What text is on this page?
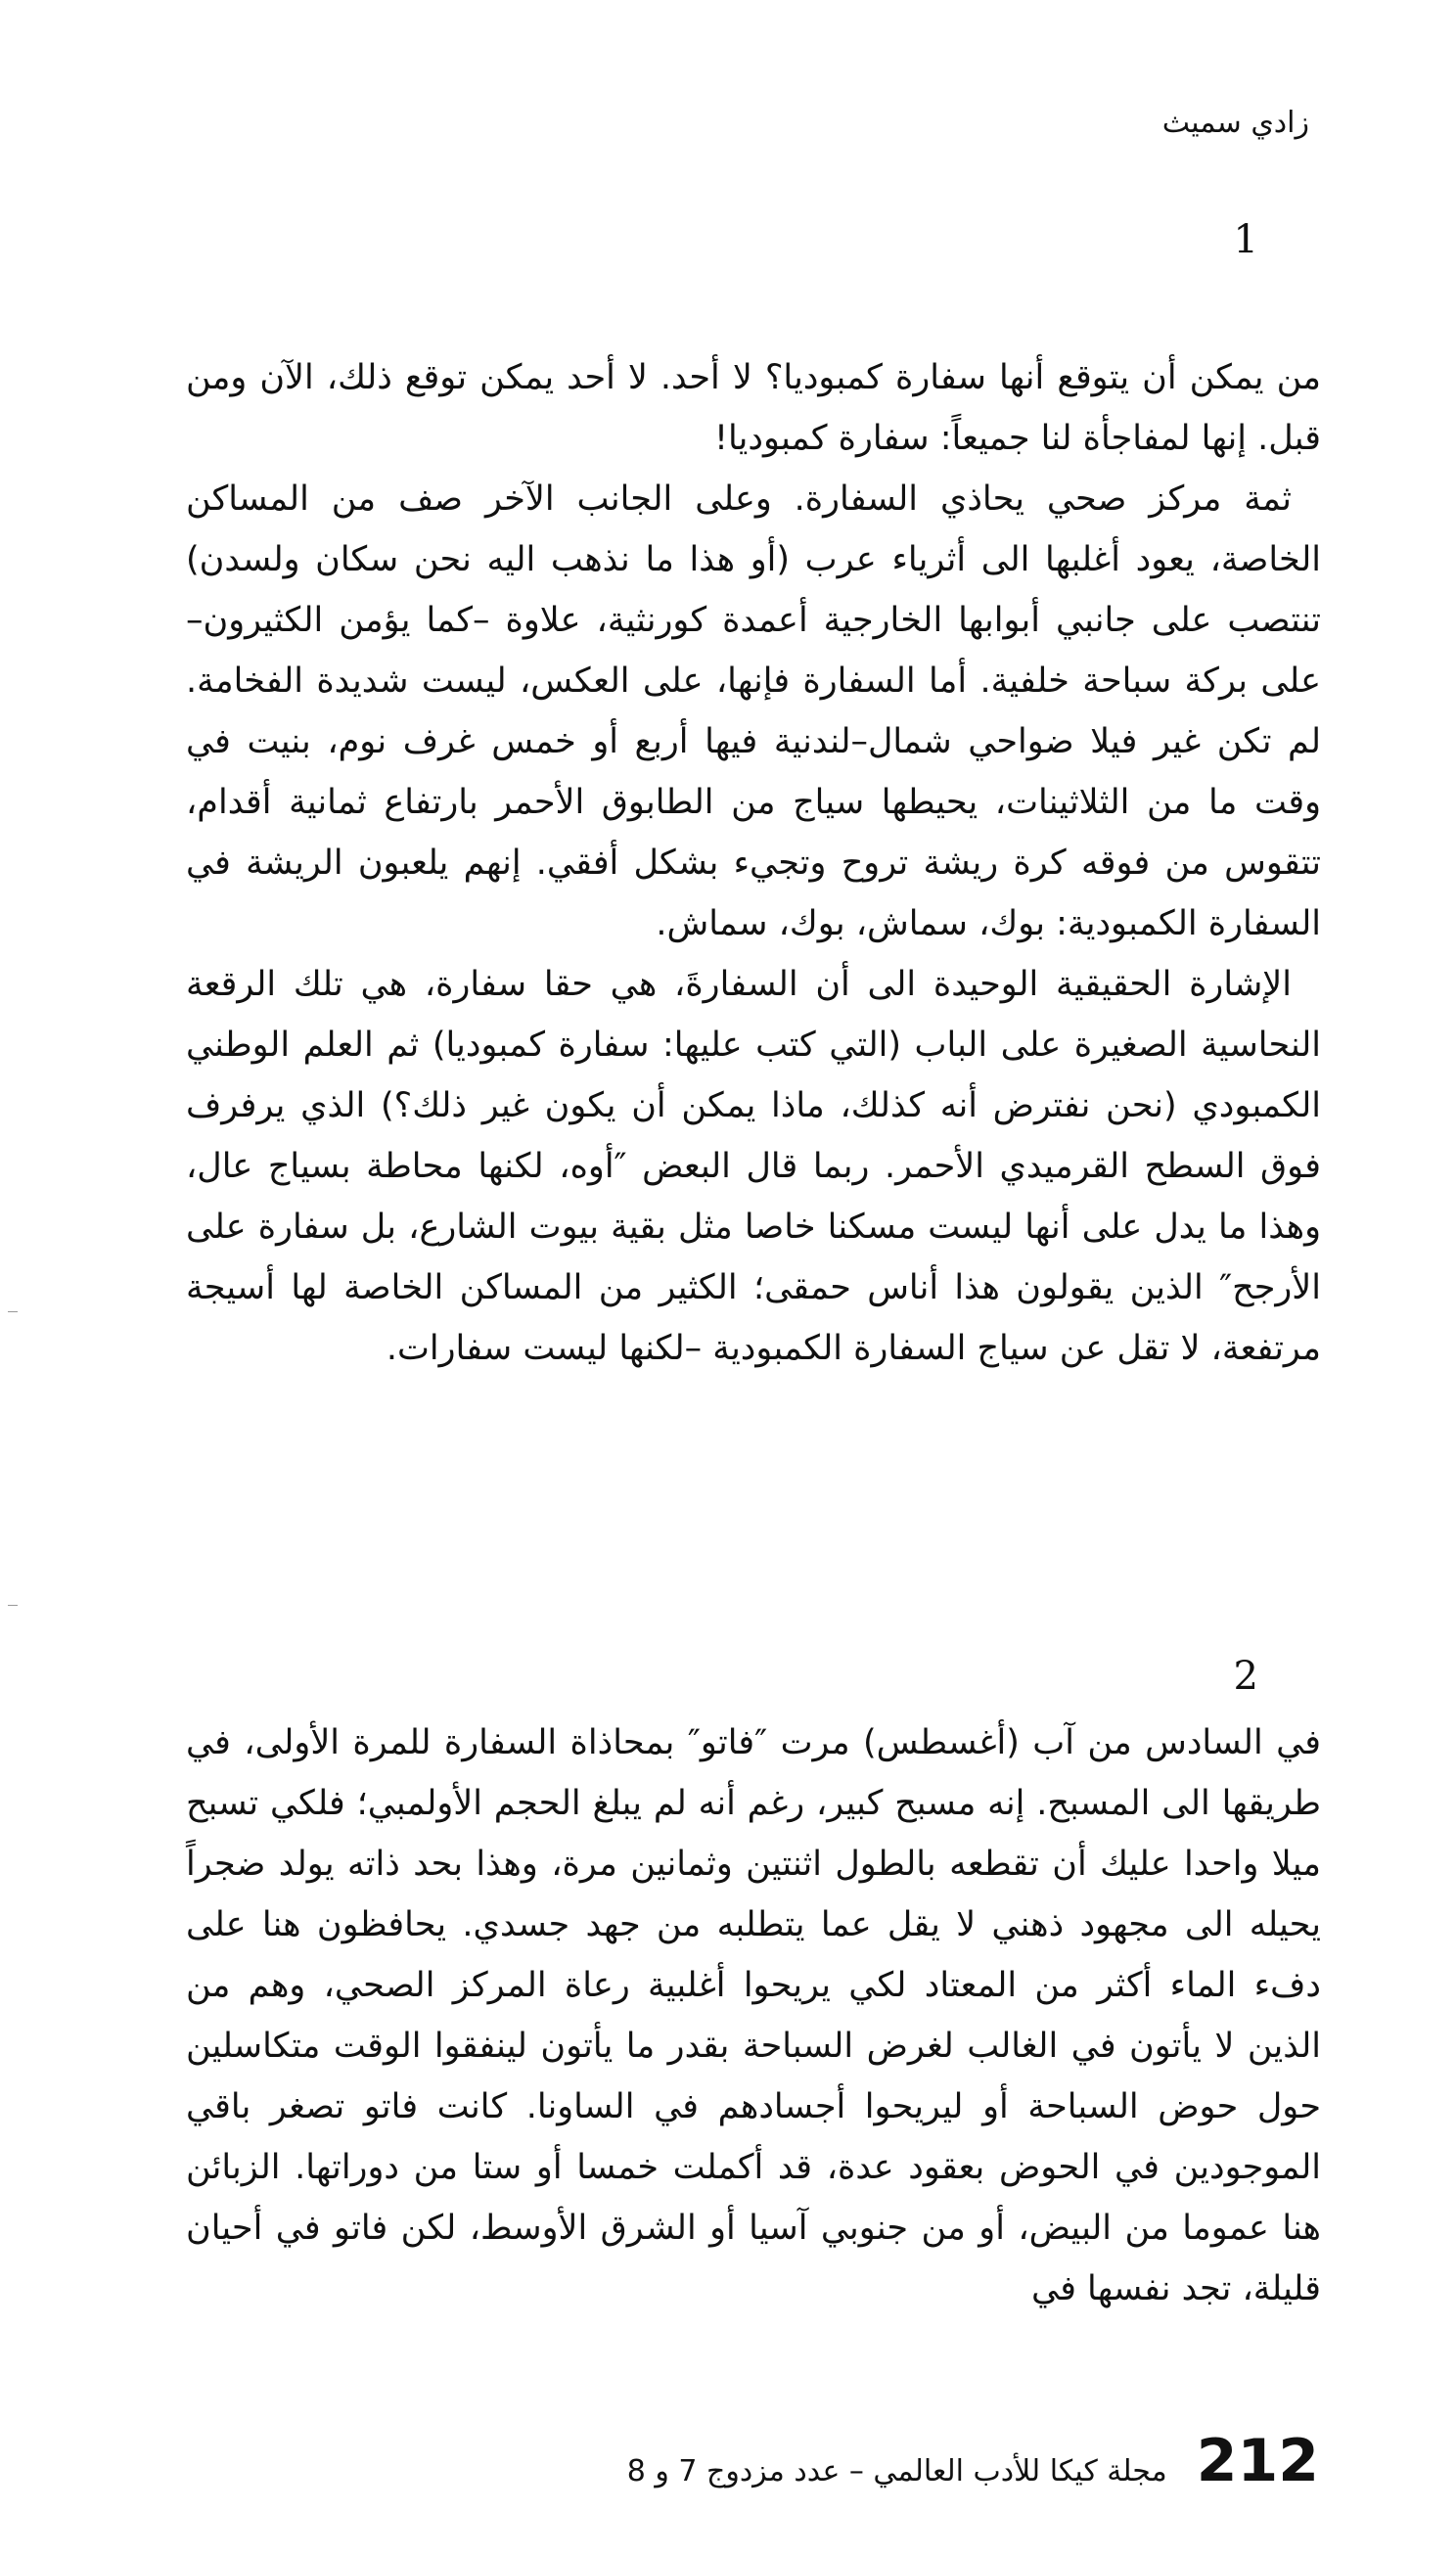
زادي سميث
1

من يمكن أن يتوقع أنها سفارة كمبوديا؟ لا أحد. لا أحد يمكن توقع ذلك، الآن ومن قبل. إنها لمفاجأة لنا جميعاً: سفارة كمبوديا!

ثمة مركز صحي يحاذي السفارة. وعلى الجانب الآخر صف من المساكن الخاصة، يعود أغلبها الى أثرياء عرب (أو هذا ما نذهب اليه نحن سكان ولسدن) تنتصب على جانبي أبوابها الخارجية أعمدة كورنثية، علاوة –كما يؤمن الكثيرون– على بركة سباحة خلفية. أما السفارة فإنها، على العكس، ليست شديدة الفخامة. لم تكن غير فيلا ضواحي شمال–لندنية فيها أربع أو خمس غرف نوم، بنيت في وقت ما من الثلاثينات، يحيطها سياج من الطابوق الأحمر بارتفاع ثمانية أقدام، تتقوس من فوقه كرة ريشة تروح وتجيء بشكل أفقي. إنهم يلعبون الريشة في السفارة الكمبودية: بوك، سماش، بوك، سماش.

الإشارة الحقيقية الوحيدة الى أن السفارةَ، هي حقا سفارة، هي تلك الرقعة النحاسية الصغيرة على الباب (التي كتب عليها: سفارة كمبوديا) ثم العلم الوطني الكمبودي (نحن نفترض أنه كذلك، ماذا يمكن أن يكون غير ذلك؟) الذي يرفرف فوق السطح القرميدي الأحمر. ربما قال البعض ″أوه، لكنها محاطة بسياج عال، وهذا ما يدل على أنها ليست مسكنا خاصا مثل بقية بيوت الشارع، بل سفارة على الأرجح″ الذين يقولون هذا أناس حمقى؛ الكثير من المساكن الخاصة لها أسيجة مرتفعة، لا تقل عن سياج السفارة الكمبودية –لكنها ليست سفارات.

2

في السادس من آب (أغسطس) مرت ″فاتو″ بمحاذاة السفارة للمرة الأولى، في طريقها الى المسبح. إنه مسبح كبير، رغم أنه لم يبلغ الحجم الأولمبي؛ فلكي تسبح ميلا واحدا عليك أن تقطعه بالطول اثنتين وثمانين مرة، وهذا بحد ذاته يولد ضجراً يحيله الى مجهود ذهني لا يقل عما يتطلبه من جهد جسدي. يحافظون هنا على دفء الماء أكثر من المعتاد لكي يريحوا أغلبية رعاة المركز الصحي، وهم من الذين لا يأتون في الغالب لغرض السباحة بقدر ما يأتون لينفقوا الوقت متكاسلين حول حوض السباحة أو ليريحوا أجسادهم في الساونا. كانت فاتو تصغر باقي الموجودين في الحوض بعقود عدة، قد أكملت خمسا أو ستا من دوراتها. الزبائن هنا عموما من البيض، أو من جنوبي آسيا أو الشرق الأوسط، لكن فاتو في أحيان قليلة، تجد نفسها في

212
مجلة كيكا للأدب العالمي – عدد مزدوج 7 و 8
